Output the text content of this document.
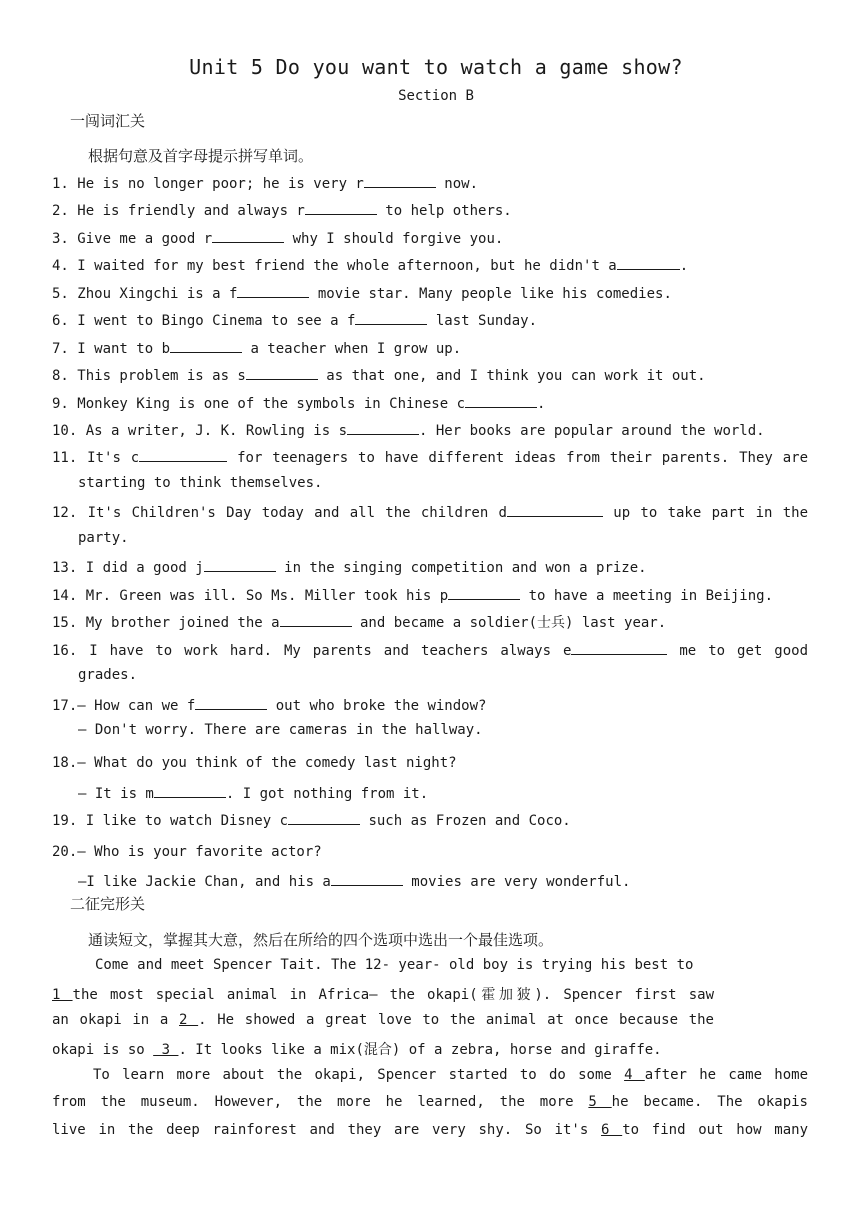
Unit 5 Do you want to watch a game show?
Section B
一闯词汇关
根据句意及首字母提示拼写单词。
1. He is no longer poor; he is very r	now.
2. He is friendly and always r	to help others.
3. Give me a good r	why I should forgive you.
4. I waited for my best friend the whole afternoon, but he didn't a	.
5. Zhou Xingchi is a f	movie star. Many people like his comedies.
6. I went to Bingo Cinema to see a f	last Sunday.
7. I want to b	a teacher when I grow up.
8. This problem is as s	as that one, and I think you can work it out.
9. Monkey King is one of the symbols in Chinese c	.
10. As a writer, J. K. Rowling is s	. Her books are popular around the world.
11. It's c	for teenagers to have different ideas from their parents. They are
starting to think themselves.
12. It's Children's Day today and all the children d	up to take part in the
party.
13. I did a good j	in the singing competition and won a prize.
14. Mr. Green was ill. So Ms. Miller took his p	to have a meeting in Beijing.
15. My brother joined the a	and became a soldier(士兵) last year.
16. I have to work hard. My parents and teachers always e	me to get good
grades.
17.— How can we f	out who broke the window?
— Don't worry. There are cameras in the hallway.
18.— What do you think of the comedy last night?
— It is m	. I got nothing from it.
19. I like to watch Disney c	such as Frozen and Coco.
20.— Who is your favorite actor?
—I like Jackie Chan, and his a	movies are very wonderful.
二征完形关
通读短文，掌握其大意，然后在所给的四个选项中选出一个最佳选项。
Come and meet Spencer Tait. The 12- year- old boy is trying his best to
1 the most special animal in Africa— the okapi(霍加狓). Spencer first saw
an okapi in a 2 . He showed a great love to the animal at once because the
okapi is so  3 . It looks like a mix(混合) of a zebra, horse and giraffe.
To learn more about the okapi, Spencer started to do some 4 after he came home
from the museum. However, the more he learned, the more 5 he became. The okapis
live in the deep rainforest and they are very shy. So it's 6 to find out how many
